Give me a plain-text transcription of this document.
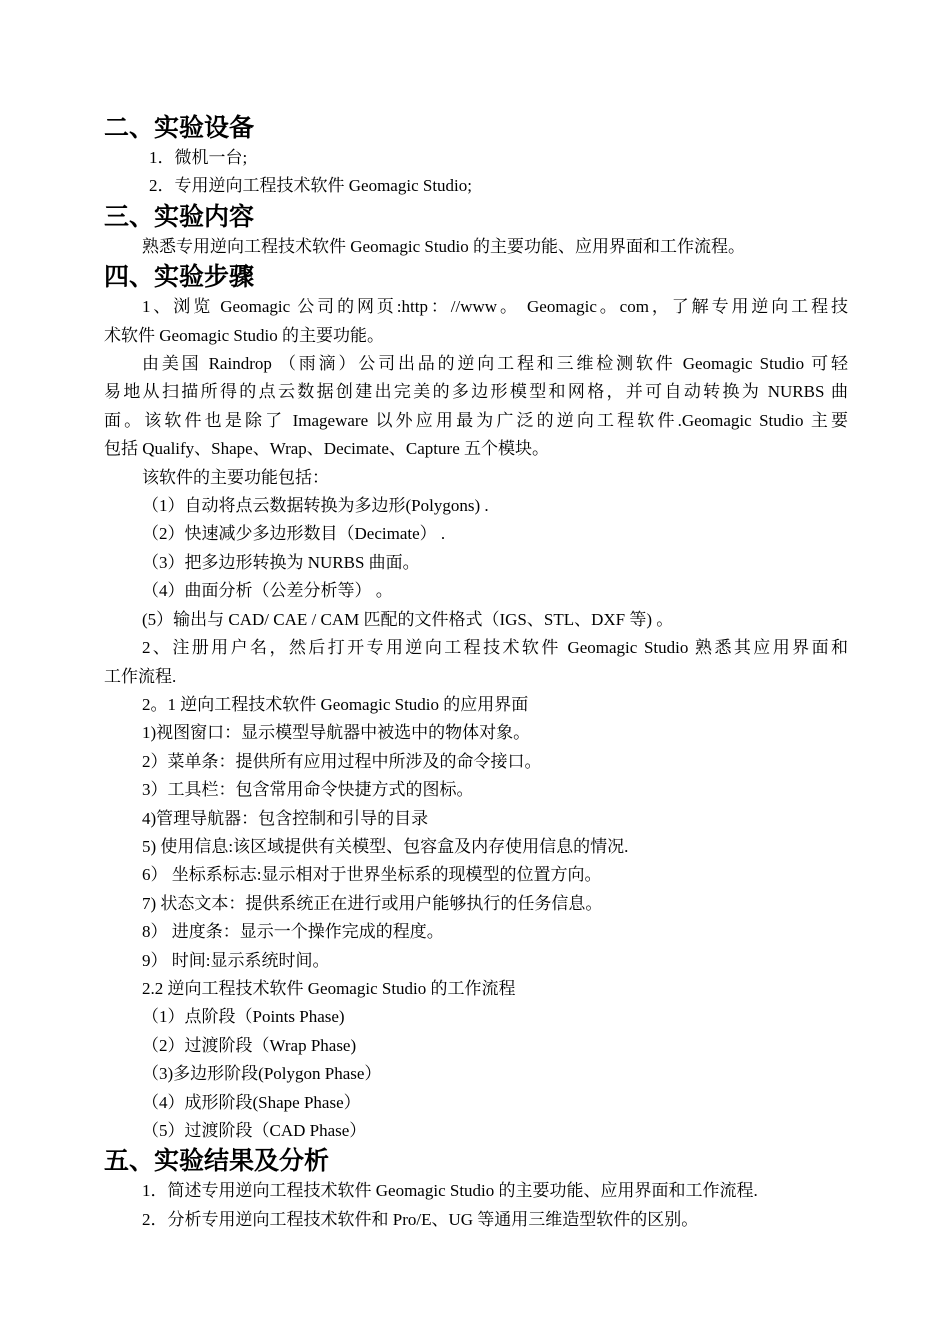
二、实验设备

1．微机一台;

2．专用逆向工程技术软件 Geomagic Studio;

三、实验内容

熟悉专用逆向工程技术软件 Geomagic Studio 的主要功能、应用界面和工作流程。

四、实验步骤

1、浏览 Geomagic 公司的网页:http：//www。 Geomagic。com，了解专用逆向工程技

术软件 Geomagic Studio 的主要功能。

由美国 Raindrop （雨滴）公司出品的逆向工程和三维检测软件 Geomagic Studio 可轻

易地从扫描所得的点云数据创建出完美的多边形模型和网格，并可自动转换为 NURBS 曲

面。该软件也是除了 Imageware 以外应用最为广泛的逆向工程软件.Geomagic Studio 主要

包括 Qualify、Shape、Wrap、Decimate、Capture 五个模块。

该软件的主要功能包括：

（1）自动将点云数据转换为多边形(Polygons) .

（2）快速减少多边形数目（Decimate） .

（3）把多边形转换为 NURBS 曲面。

（4）曲面分析（公差分析等） 。

(5）输出与 CAD/ CAE / CAM 匹配的文件格式（IGS、STL、DXF 等) 。

2、注册用户名，然后打开专用逆向工程技术软件 Geomagic Studio 熟悉其应用界面和

工作流程.

2。1 逆向工程技术软件 Geomagic Studio 的应用界面

1)视图窗口：显示模型导航器中被选中的物体对象。

2）菜单条：提供所有应用过程中所涉及的命令接口。

3）工具栏：包含常用命令快捷方式的图标。

4)管理导航器：包含控制和引导的目录

5) 使用信息:该区域提供有关模型、包容盒及内存使用信息的情况.

6） 坐标系标志:显示相对于世界坐标系的现模型的位置方向。

7) 状态文本：提供系统正在进行或用户能够执行的任务信息。

8） 进度条：显示一个操作完成的程度。

9） 时间:显示系统时间。

2.2 逆向工程技术软件 Geomagic Studio 的工作流程

（1）点阶段（Points Phase)

（2）过渡阶段（Wrap Phase)

（3)多边形阶段(Polygon Phase）

（4）成形阶段(Shape Phase）

（5）过渡阶段（CAD Phase）

五、实验结果及分析

1．简述专用逆向工程技术软件 Geomagic Studio 的主要功能、应用界面和工作流程.

2．分析专用逆向工程技术软件和 Pro/E、UG 等通用三维造型软件的区别。
